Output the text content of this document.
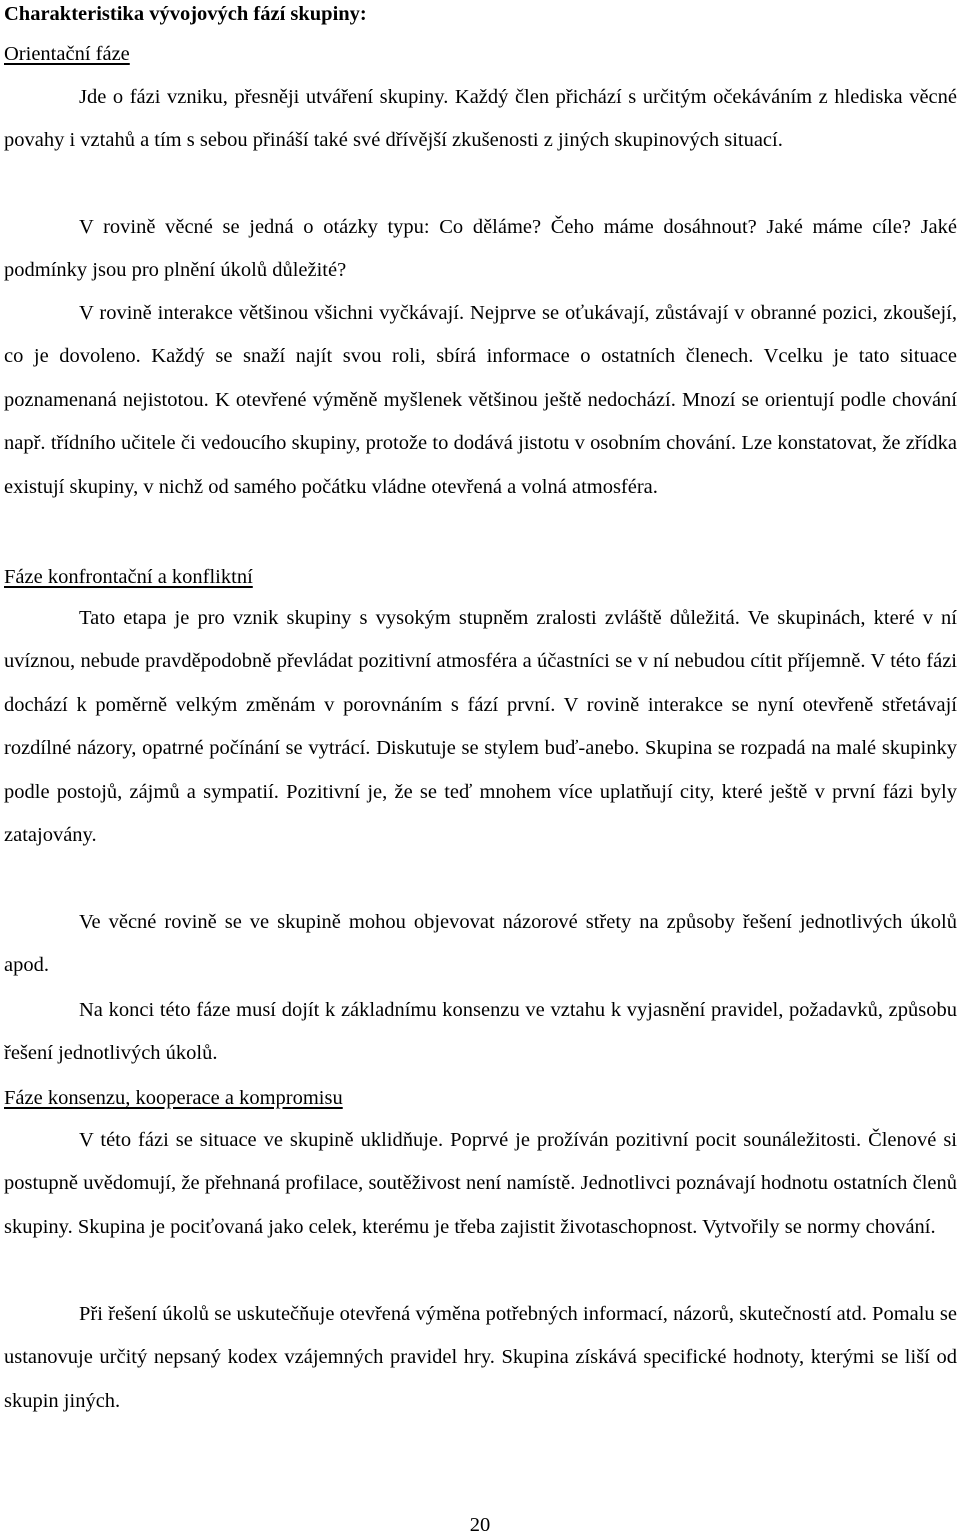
Charakteristika vývojových fází skupiny:
Orientační fáze

Jde o fázi vzniku, přesněji utváření skupiny. Každý člen přichází s určitým očekáváním z hlediska věcné povahy i vztahů a tím s sebou přináší také své dřívější zkušenosti z jiných skupinových situací.

V rovině věcné se jedná o otázky typu: Co děláme? Čeho máme dosáhnout? Jaké máme cíle? Jaké podmínky jsou pro plnění úkolů důležité?

V rovině interakce většinou všichni vyčkávají. Nejprve se oťukávají, zůstávají v obranné pozici, zkoušejí, co je dovoleno. Každý se snaží najít svou roli, sbírá informace o ostatních členech. Vcelku je tato situace poznamenaná nejistotou. K otevřené výměně myšlenek většinou ještě nedochází. Mnozí se orientují podle chování např. třídního učitele či vedoucího skupiny, protože to dodává jistotu v osobním chování. Lze konstatovat, že zřídka existují skupiny, v nichž od samého počátku vládne otevřená a volná atmosféra.

Fáze konfrontační a konfliktní

Tato etapa je pro vznik skupiny s vysokým stupněm zralosti zvláště důležitá. Ve skupinách, které v ní uvíznou, nebude pravděpodobně převládat pozitivní atmosféra a účastníci se v ní nebudou cítit příjemně. V této fázi dochází k poměrně velkým změnám v porovnáním s fází první. V rovině interakce se nyní otevřeně střetávají rozdílné názory, opatrné počínání se vytrácí. Diskutuje se stylem buď-anebo. Skupina se rozpadá na malé skupinky podle postojů, zájmů a sympatií. Pozitivní je, že se teď mnohem více uplatňují city, které ještě v první fázi byly zatajovány.

Ve věcné rovině se ve skupině mohou objevovat názorové střety na způsoby řešení jednotlivých úkolů apod.

Na konci této fáze musí dojít k základnímu konsenzu ve vztahu k vyjasnění pravidel, požadavků, způsobu řešení jednotlivých úkolů.

Fáze konsenzu, kooperace a kompromisu

V této fázi se situace ve skupině uklidňuje. Poprvé je prožíván pozitivní pocit sounáležitosti. Členové si postupně uvědomují, že přehnaná profilace, soutěživost není namístě. Jednotlivci poznávají hodnotu ostatních členů skupiny. Skupina je pociťovaná jako celek, kterému je třeba zajistit životaschopnost. Vytvořily se normy chování.

Při řešení úkolů se uskutečňuje otevřená výměna potřebných informací, názorů, skutečností atd. Pomalu se ustanovuje určitý nepsaný kodex vzájemných pravidel hry. Skupina získává specifické hodnoty, kterými se liší od skupin jiných.

20
